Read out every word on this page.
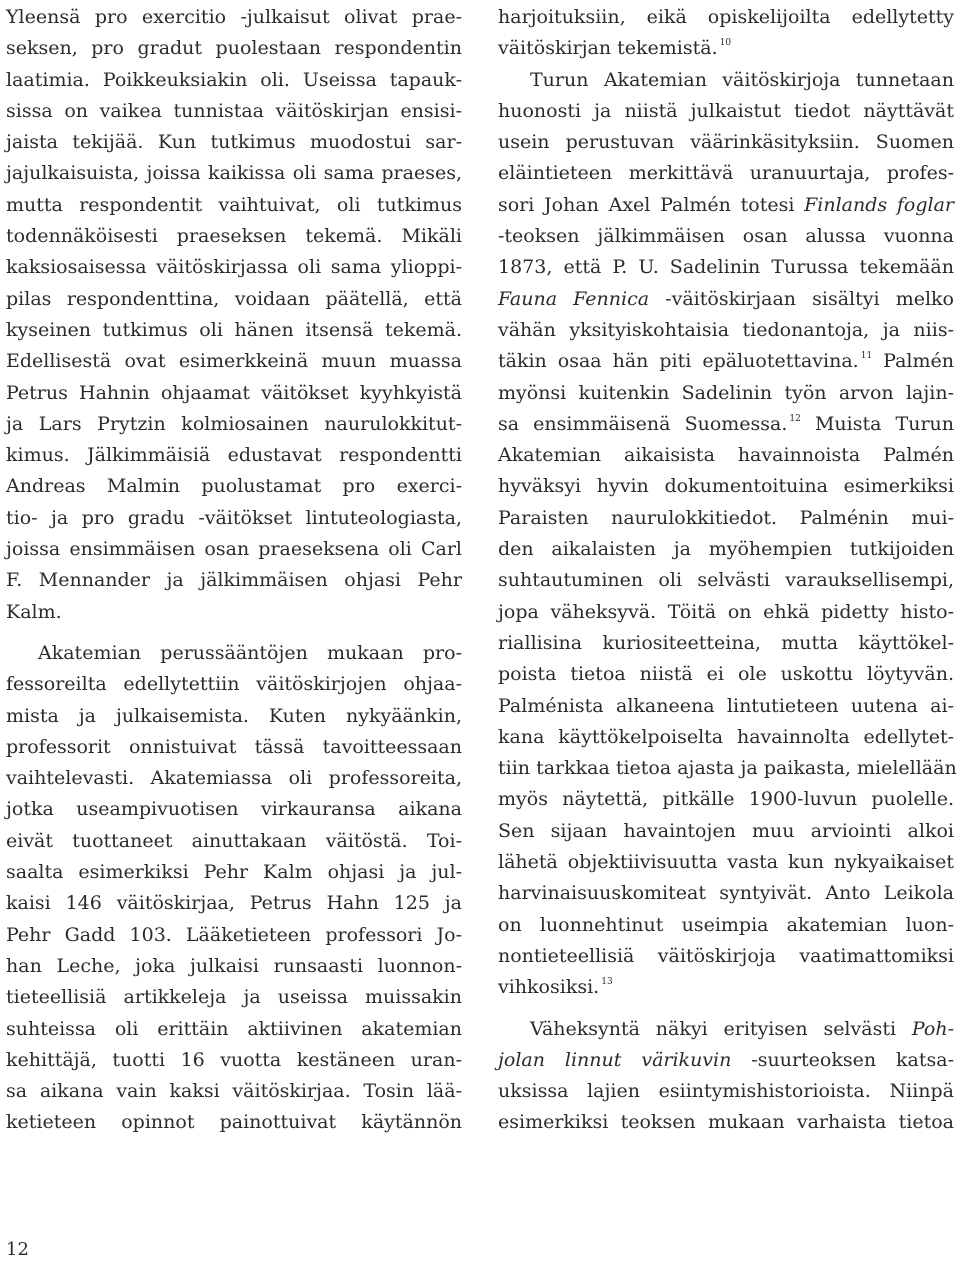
Yleensä pro exercitio -julkaisut olivat prae-
seksen, pro gradut puolestaan respondentin
laatimia. Poikkeuksiakin oli. Useissa tapauk-
sissa on vaikea tunnistaa väitöskirjan ensisi-
jaista tekijää. Kun tutkimus muodostui sar-
jajulkaisuista, joissa kaikissa oli sama praeses,
mutta respondentit vaihtuivat, oli tutkimus
todennäköisesti praeseksen tekemä. Mikäli
kaksiosaisessa väitöskirjassa oli sama ylioppi-
pilas respondenttina, voidaan päätellä, että
kyseinen tutkimus oli hänen itsensä tekemä.
Edellisestä ovat esimerkkeinä muun muassa
Petrus Hahnin ohjaamat väitökset kyyhkyistä
ja Lars Prytzin kolmiosainen naurulokkitut-
kimus. Jälkimmäisiä edustavat respondentti
Andreas Malmin puolustamat pro exerci-
tio- ja pro gradu -väitökset lintuteologiasta,
joissa ensimmäisen osan praeseksena oli Carl
F. Mennander ja jälkimmäisen ohjasi Pehr
Kalm.
Akatemian perussääntöjen mukaan pro-
fessoreilta edellytettiin väitöskirjojen ohjaa-
mista ja julkaisemista. Kuten nykyäänkin,
professorit onnistuivat tässä tavoitteessaan
vaihtelevasti. Akatemiassa oli professoreita,
jotka useampivuotisen virkauransa aikana
eivät tuottaneet ainuttakaan väitöstä. Toi-
saalta esimerkiksi Pehr Kalm ohjasi ja jul-
kaisi 146 väitöskirjaa, Petrus Hahn 125 ja
Pehr Gadd 103. Lääketieteen professori Jo-
han Leche, joka julkaisi runsaasti luonnon-
tieteellisiä artikkeleja ja useissa muissakin
suhteissa oli erittäin aktiivinen akatemian
kehittäjä, tuotti 16 vuotta kestäneen uran-
sa aikana vain kaksi väitöskirjaa. Tosin lää-
ketieteen opinnot painottuivat käytännön
harjoituksiin, eikä opiskelijoilta edellytetty
väitöskirjan tekemistä. $^{10}$
Turun Akatemian väitöskirjoja tunnetaan
huonosti ja niistä julkaistut tiedot näyttävät
usein perustuvan väärinkäsityksiin. Suomen
eläintieteen merkittävä uranuurtaja, profes-
sori Johan Axel Palmén totesi Finlands foglar
-teoksen jälkimmäisen osan alussa vuonna
1873, että P. U. Sadelinin Turussa tekemään
Fauna Fennica -väitöskirjaan sisältyi melko
vähän yksityiskohtaisia tiedonantoja, ja niis-
täkin osaa hän piti epäluotettavina. $^{11}$ Palmén
myönsi kuitenkin Sadelinin työn arvon lajin-
sa ensimmäisenä Suomessa. $^{12}$ Muista Turun
Akatemian aikaisista havainnoista Palmén
hyväksyi hyvin dokumentoituina esimerkiksi
Paraisten naurulokkitiedot. Palménin mui-
den aikalaisten ja myöhempien tutkijoiden
suhtautuminen oli selvästi varauksellisempi,
jopa väheksyvä. Töitä on ehkä pidetty histo-
riallisina kuriositeetteina, mutta käyttökel-
poista tietoa niistä ei ole uskottu löytyvän.
Palménista alkaneena lintutieteen uutena ai-
kana käyttökelpoiselta havainnolta edellytet-
tiin tarkkaa tietoa ajasta ja paikasta, mielellään
myös näytettä, pitkälle 1900-luvun puolelle.
Sen sijaan havaintojen muu arviointi alkoi
lähetä objektiivisuutta vasta kun nykyaikaiset
harvinaisuuskomiteat syntyivät. Anto Leikola
on luonnehtinut useimpia akatemian luon-
nontieteellisiä väitöskirjoja vaatimattomiksi
vihkosiksi. $^{13}$
Väheksyntä näkyi erityisen selvästi Poh-
jolan linnut värikuvin -suurteoksen katsa-
uksissa lajien esiintymishistorioista. Niinpä
esimerkiksi teoksen mukaan varhaista tietoa
12
